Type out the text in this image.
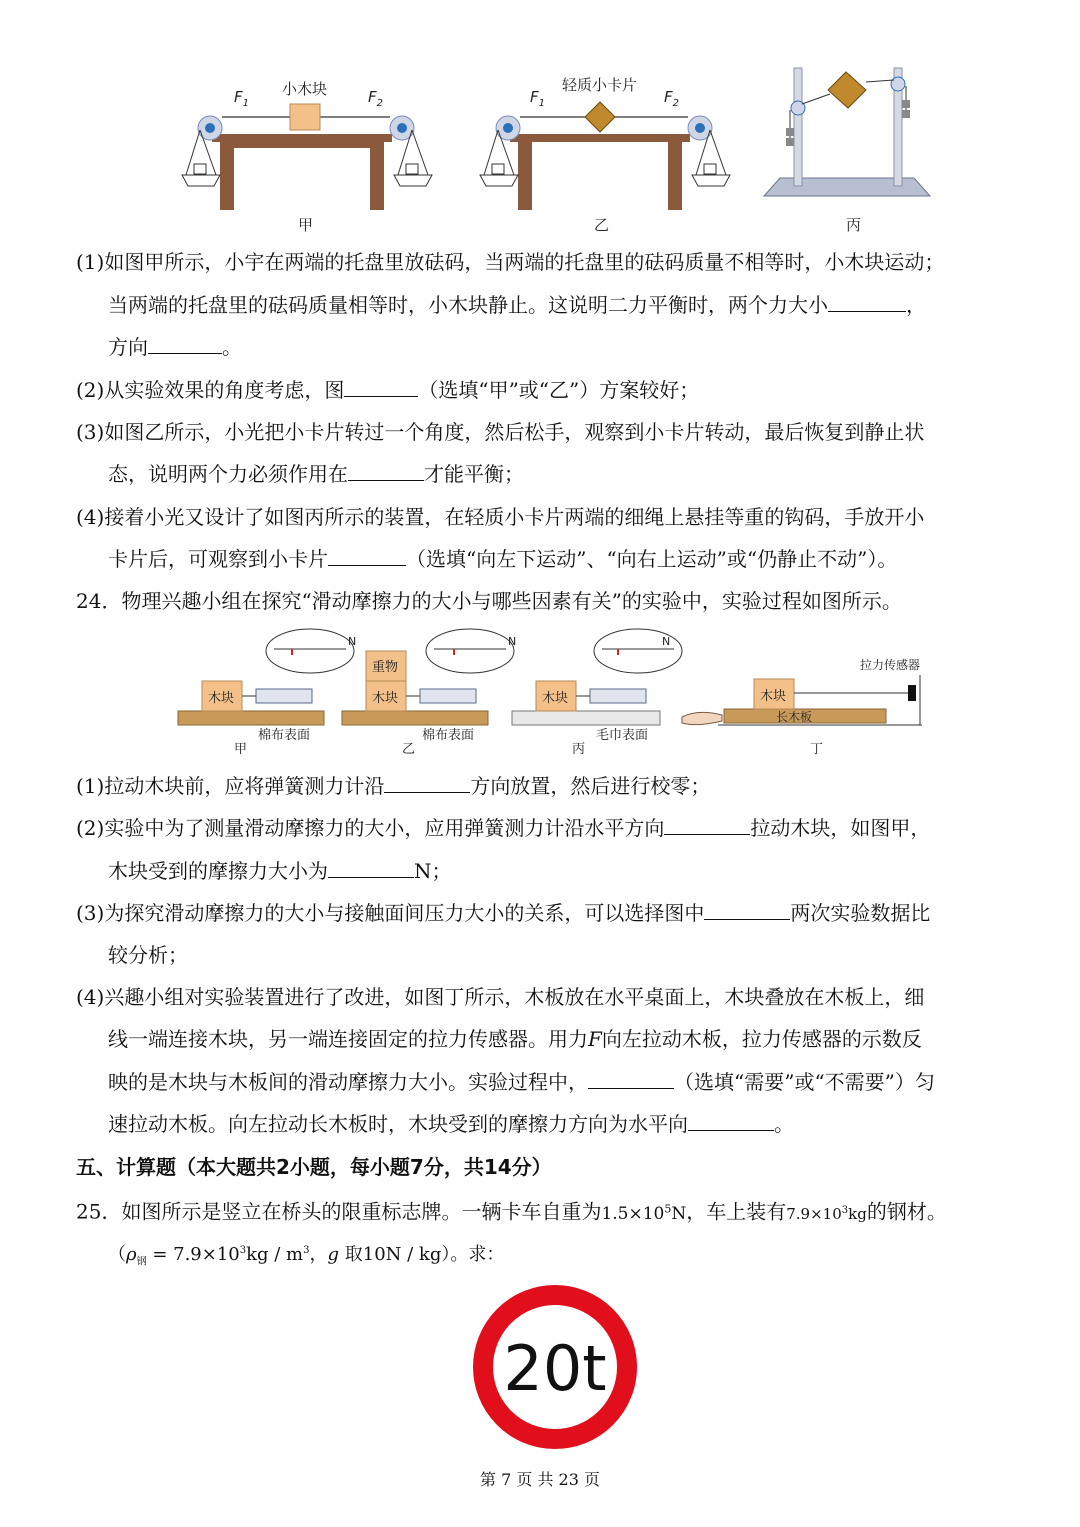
小木块
$F_1$	$F_2$
甲
轻质小卡片
$F_1$	$F_2$
乙	丙
(1)如图甲所示，小宇在两端的托盘里放砝码，当两端的托盘里的砝码质量不相等时，小木块运动；
当两端的托盘里的砝码质量相等时，小木块静止。这说明二力平衡时，两个力大小	，
方向	。
(2)从实验效果的角度考虑，图	（选填“甲”或“乙”）方案较好；
(3)如图乙所示，小光把小卡片转过一个角度，然后松手，观察到小卡片转动，最后恢复到静止状
态，说明两个力必须作用在	才能平衡；
(4)接着小光又设计了如图丙所示的装置，在轻质小卡片两端的细绳上悬挂等重的钩码，手放开小
卡片后，可观察到小卡片	（选填“向左下运动”、“向右上运动”或“仍静止不动”）。
24．物理兴趣小组在探究“滑动摩擦力的大小与哪些因素有关”的实验中，实验过程如图所示。
木块
N
棉布表面
甲
重物
木块
N
棉布表面
乙
木块
N
毛巾表面
丙
长木板
木块
拉力传感器
丁
(1)拉动木块前，应将弹簧测力计沿	方向放置，然后进行校零；
(2)实验中为了测量滑动摩擦力的大小，应用弹簧测力计沿水平方向	拉动木块，如图甲，
木块受到的摩擦力大小为	N；
(3)为探究滑动摩擦力的大小与接触面间压力大小的关系，可以选择图中	两次实验数据比
较分析；
(4)兴趣小组对实验装置进行了改进，如图丁所示，木板放在水平桌面上，木块叠放在木板上，细
线一端连接木块，另一端连接固定的拉力传感器。用力F向左拉动木板，拉力传感器的示数反
映的是木块与木板间的滑动摩擦力大小。实验过程中，	（选填“需要”或“不需要”）匀
速拉动木板。向左拉动长木板时，木块受到的摩擦力方向为水平向	。
五、计算题（本大题共2小题，每小题7分，共14分）
25．如图所示是竖立在桥头的限重标志牌。一辆卡车自重为$1.5\times 10^5N$，车上装有$7.9\times 10^3kg$的钢材。
（$\rho_钢 = 7.9\times 10^3kg / m^3$，g 取10N / kg）。求：
20t
第 7 页 共 23 页
